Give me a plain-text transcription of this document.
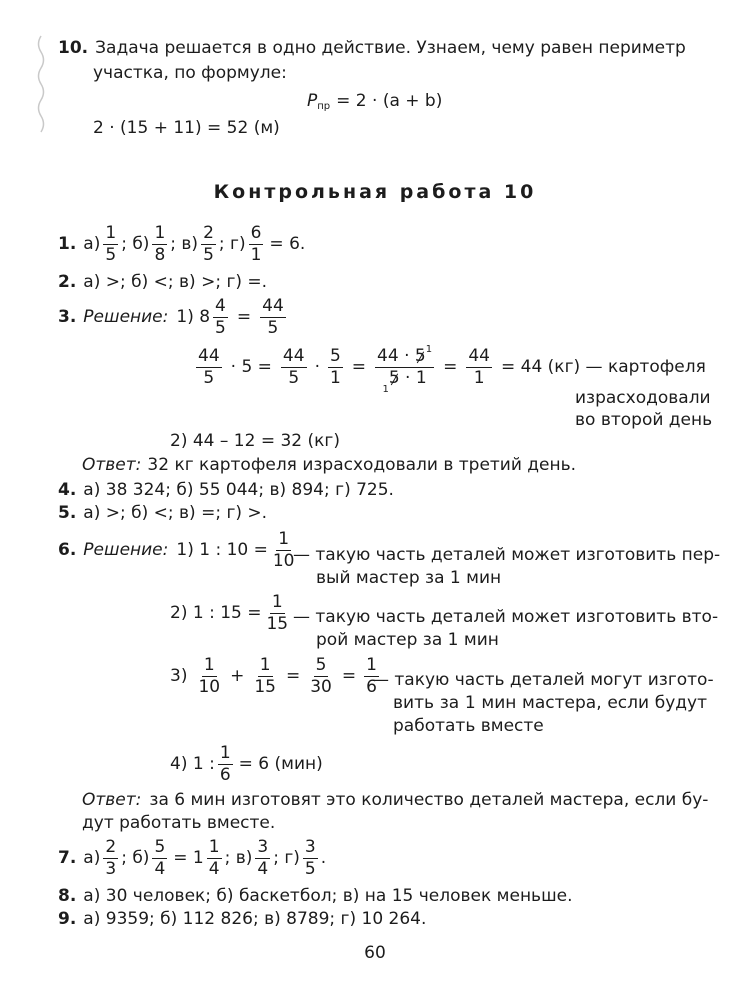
10. Задача решается в одно действие. Узнаем, чему равен периметр
участка, по формуле:
P пр = 2 · (a + b)
2 · (15 + 11) = 52 (м)
Контрольная работа 10
1. $а) \frac{1}{5}$ ; $б) \frac{1}{8}$ ; $в) \frac{2}{5}$ ; $г) \frac{6}{1} = 6$.
2. а) >; б) <; в) >; г) =.
3. Решение: 1) $8 \frac{4}{5} = \frac{44}{5}$
$\frac{44}{5} \cdot 5 = \frac{44}{5} \cdot \frac{5}{1} = \frac{44 \cdot 5^1}{_15 \cdot 1} = \frac{44}{1} = 44$ (кг) — картофеля
израсходовали
во второй день
2) 44 – 12 = 32 (кг)
Ответ: 32 кг картофеля израсходовали в третий день.
4. а) 38 324; б) 55 044; в) 894; г) 725.
5. а) >; б) <; в) =; г) >.
6. Решение: 1) 1 : $10 = \frac{1}{10}$
— такую часть деталей может изготовить пер-
вый мастер за 1 мин
2) 1 : $15 = \frac{1}{15}$ — такую часть деталей может изготовить вто-
рой мастер за 1 мин
$3) \frac{1}{10} + \frac{1}{15} = \frac{5}{30} = \frac{1}{6}$
— такую часть деталей могут изгото-
вить за 1 мин мастера, если будут
работать вместе
4) 1 : $\frac{1}{6} = 6$ (мин)
Ответ: за 6 мин изготовят это количество деталей мастера, если бу-
дут работать вместе.
7. $а) \frac{2}{3}$ ; $б) \frac{5}{4} = 1 \frac{1}{4}$ ; $в) \frac{3}{4}$ ; $г) \frac{3}{5}$ .
8. а) 30 человек; б) баскетбол; в) на 15 человек меньше.
9. а) 9359; б) 112 826; в) 8789; г) 10 264.
60
